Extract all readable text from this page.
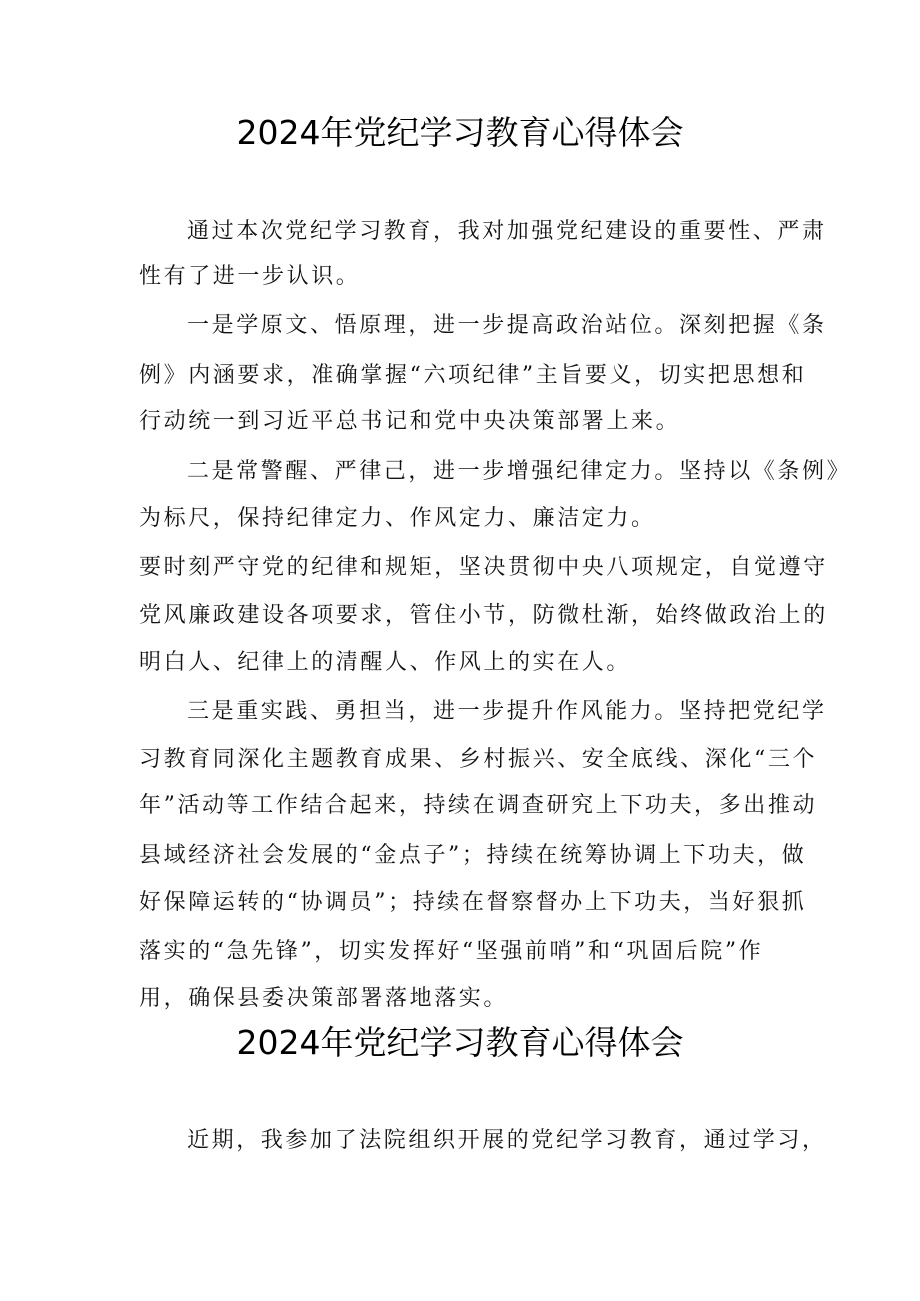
2024年党纪学习教育心得体会

通过本次党纪学习教育，我对加强党纪建设的重要性、严肃

性有了进一步认识。

一是学原文、悟原理，进一步提高政治站位。深刻把握《条

例》内涵要求，准确掌握“六项纪律”主旨要义，切实把思想和

行动统一到习近平总书记和党中央决策部署上来。

二是常警醒、严律己，进一步增强纪律定力。坚持以《条例》

为标尺，保持纪律定力、作风定力、廉洁定力。

要时刻严守党的纪律和规矩，坚决贯彻中央八项规定，自觉遵守

党风廉政建设各项要求，管住小节，防微杜渐，始终做政治上的

明白人、纪律上的清醒人、作风上的实在人。

三是重实践、勇担当，进一步提升作风能力。坚持把党纪学

习教育同深化主题教育成果、乡村振兴、安全底线、深化“三个

年”活动等工作结合起来，持续在调查研究上下功夫，多出推动

县域经济社会发展的“金点子”；持续在统筹协调上下功夫，做

好保障运转的“协调员”；持续在督察督办上下功夫，当好狠抓

落实的“急先锋”，切实发挥好“坚强前哨”和“巩固后院”作

用，确保县委决策部署落地落实。

2024年党纪学习教育心得体会

近期，我参加了法院组织开展的党纪学习教育，通过学习，
